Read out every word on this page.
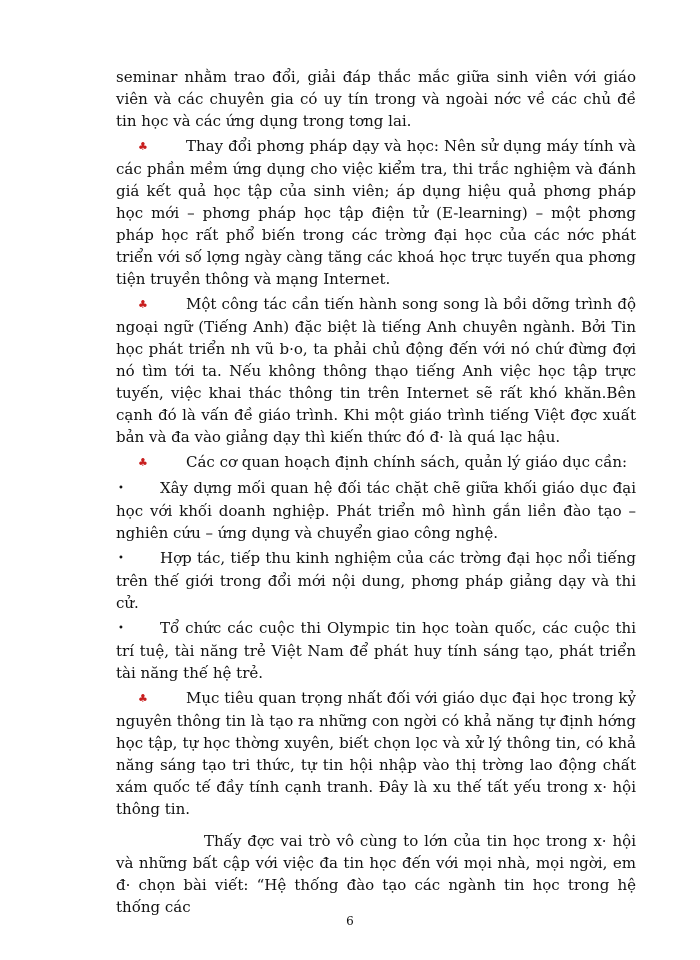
seminar nhằm trao đổi, giải đáp thắc mắc giữa sinh viên với giáo viên và các chuyên gia có uy tín trong và ngoài nớc về các chủ đề tin học và các ứng dụng trong tơng lai.

♣	Thay đổi phơng pháp dạy và học: Nên sử dụng máy tính và các phần mềm ứng dụng cho việc kiểm tra, thi trắc nghiệm và đánh giá kết quả học tập của sinh viên; áp dụng hiệu quả phơng pháp học mới – phơng pháp học tập điện tử (E-learning) – một phơng pháp học rất phổ biến trong các trờng đại học của các nớc phát triển với số lợng ngày càng tăng các khoá học trực tuyến qua phơng tiện truyền thông và mạng Internet.

♣	Một công tác cần tiến hành song song là bồi dỡng trình độ ngoại ngữ (Tiếng Anh) đặc biệt là tiếng Anh chuyên ngành. Bởi Tin học phát triển nh vũ b·o, ta phải chủ động đến với nó chứ đừng đợi nó tìm tới ta. Nếu không thông thạo tiếng Anh việc học tập trực tuyến, việc khai thác thông tin trên Internet sẽ rất khó khăn.Bên cạnh đó là vấn đề giáo trình. Khi một giáo trình tiếng Việt đợc xuất bản và đa vào giảng dạy thì kiến thức đó đ· là quá lạc hậu.

♣	Các cơ quan hoạch định chính sách, quản lý giáo dục cần:

• Xây dựng mối quan hệ đối tác chặt chẽ giữa khối giáo dục đại học với khối doanh nghiệp. Phát triển mô hình gắn liền đào tạo – nghiên cứu – ứng dụng và chuyển giao công nghệ.

• Hợp tác, tiếp thu kinh nghiệm của các trờng đại học nổi tiếng trên thế giới trong đổi mới nội dung, phơng pháp giảng dạy và thi cử.

• Tổ chức các cuộc thi Olympic tin học toàn quốc, các cuộc thi trí tuệ, tài năng trẻ Việt Nam để phát huy tính sáng tạo, phát triển tài năng thế hệ trẻ.

♣	Mục tiêu quan trọng nhất đối với giáo dục đại học trong kỷ nguyên thông tin là tạo ra những con ngời có khả năng tự định hớng học tập, tự học thờng xuyên, biết chọn lọc và xử lý thông tin, có khả năng sáng tạo tri thức, tự tin hội nhập vào thị trờng lao động chất xám quốc tế đầy tính cạnh tranh. Đây là xu thế tất yếu trong x· hội thông tin.

Thấy đợc vai trò vô cùng to lớn của tin học trong x· hội và những bất cập với việc đa tin học đến với mọi nhà, mọi ngời, em đ· chọn bài viết: “Hệ thống đào tạo các ngành tin học trong hệ thống các

6
